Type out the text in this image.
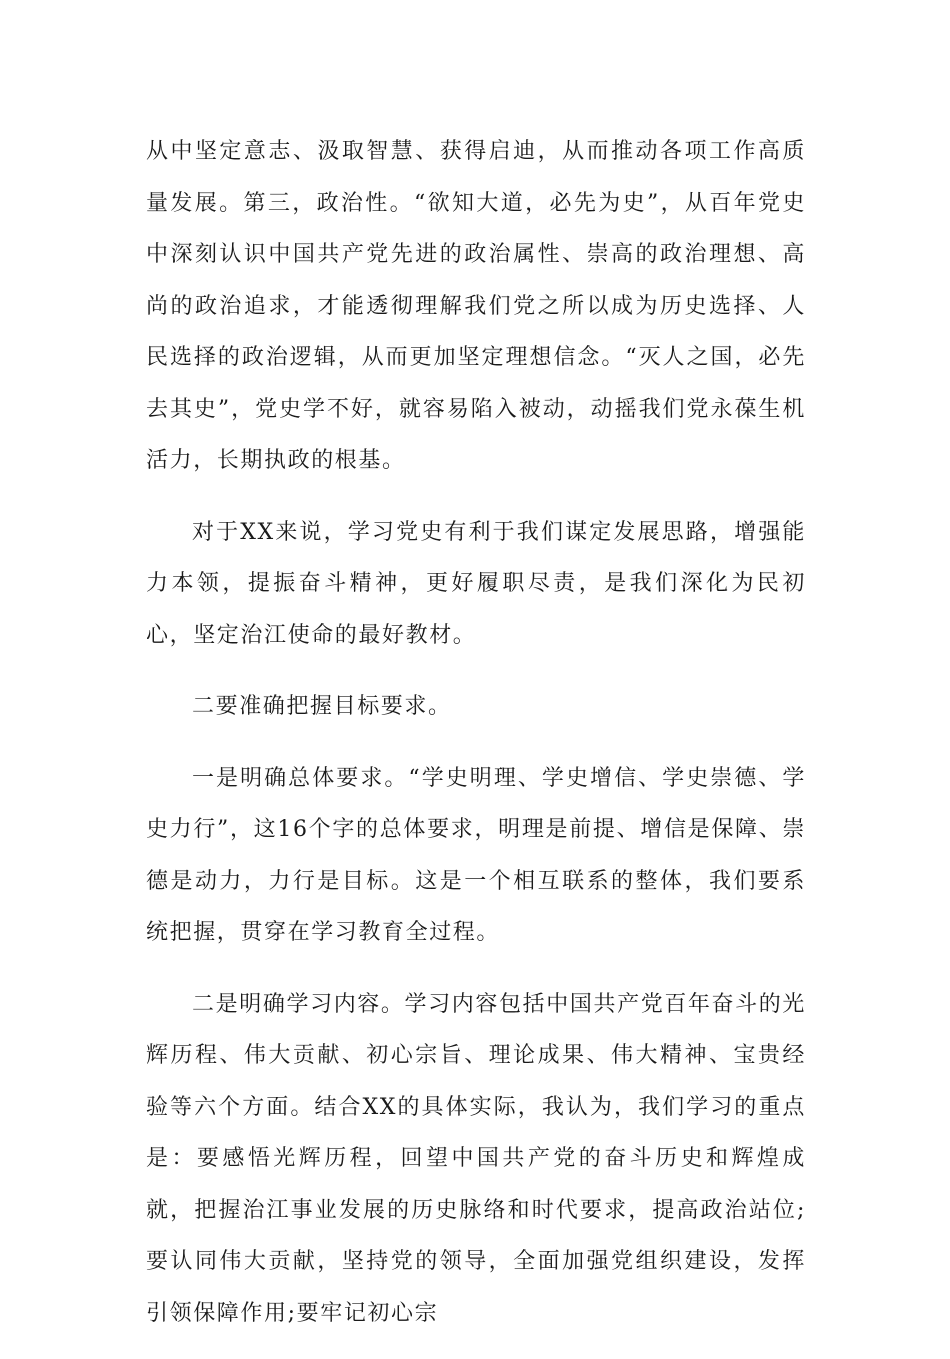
从中坚定意志、汲取智慧、获得启迪，从而推动各项工作高质量发展。第三，政治性。“欲知大道，必先为史”，从百年党史中深刻认识中国共产党先进的政治属性、崇高的政治理想、高尚的政治追求，才能透彻理解我们党之所以成为历史选择、人民选择的政治逻辑，从而更加坚定理想信念。“灭人之国，必先去其史”，党史学不好，就容易陷入被动，动摇我们党永葆生机活力，长期执政的根基。

对于XX来说，学习党史有利于我们谋定发展思路，增强能力本领，提振奋斗精神，更好履职尽责，是我们深化为民初心，坚定治江使命的最好教材。

二要准确把握目标要求。

一是明确总体要求。“学史明理、学史增信、学史崇德、学史力行”，这16个字的总体要求，明理是前提、增信是保障、崇德是动力，力行是目标。这是一个相互联系的整体，我们要系统把握，贯穿在学习教育全过程。

二是明确学习内容。学习内容包括中国共产党百年奋斗的光辉历程、伟大贡献、初心宗旨、理论成果、伟大精神、宝贵经验等六个方面。结合XX的具体实际，我认为，我们学习的重点是：要感悟光辉历程，回望中国共产党的奋斗历史和辉煌成就，把握治江事业发展的历史脉络和时代要求，提高政治站位;要认同伟大贡献，坚持党的领导，全面加强党组织建设，发挥引领保障作用;要牢记初心宗
